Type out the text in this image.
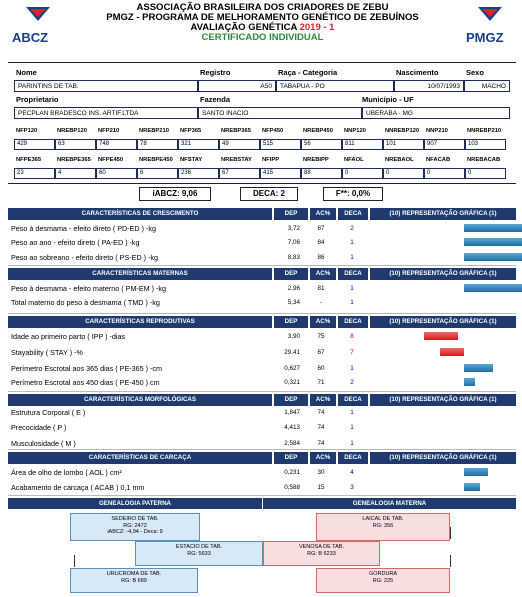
ABCZ
ASSOCIAÇÃO BRASILEIRA DOS CRIADORES DE ZEBU
PMGZ - PROGRAMA DE MELHORAMENTO GENÉTICO DE ZEBUÍNOS
AVALIAÇÃO GENÉTICA 2019 - 1
CERTIFICADO INDIVIDUAL	PMGZ
Nome	Registro	Raça - Categoria	Nascimento	Sexo
PARINTINS DE TAB.	A50	TABAPUA - PO	10/07/1993	MACHO
Proprietario	Fazenda	Município - UF
PECPLAN BRADESCO INS. ARTIF.LTDA	SANTO INACIO	UBERABA - MG
NFP120
429
NREBP120
63
NFP210
748
NREBP210
78
NFP365
321
NREBP365
49
NFP450
515
NREBP450
56
NNP120
811
NNREBP120
101
NNP210
907
NNREBP210
103
NFPE365
23
NREBPE365
4
NFPE450
60
NREBPE450
6
NFSTAY
236
NREBSTAY
67
NFIPP
415
NREBIPP
88
NFAOL
0
NREBAOL
0
NFACAB
0
NREBACAB
0
iABCZ: 9,06	DECA: 2	F**: 0,0%
CARACTERÍSTICAS DE CRESCIMENTO	DEP	AC%	DECA	(10) REPRESENTAÇÃO GRÁFICA (1)
Peso à desmama - efeito direto ( PD-ED ) -kg	3,72	87	2
Peso ao ano - efeito direto ( PA-ED ) -kg	7,06	84	1
Peso ao sobreano - efeito direto ( PS-ED ) -kg	8,83	86	1
CARACTERÍSTICAS MATERNAS	DEP	AC%	DECA	(10) REPRESENTAÇÃO GRÁFICA (1)
Peso à desmama - efeito materno ( PM-EM ) -kg	2,96	81	1
Total materno do peso à desmama ( TMD ) -kg	5,34	-	1
CARACTERÍSTICAS REPRODUTIVAS	DEP	AC%	DECA	(10) REPRESENTAÇÃO GRÁFICA (1)
Idade ao primeiro parto ( IPP ) -dias	3,90	75	8
Stayability ( STAY ) -%	29,41	67	7
Perímetro Escrotal aos 365 dias ( PE-365 ) -cm	0,627	60	1
Perímetro Escrotal aos 450 dias ( PE-450 ) cm	0,321	71	2
CARACTERÍSTICAS MORFOLÓGICAS	DEP	AC%	DECA	(10) REPRESENTAÇÃO GRÁFICA (1)
Estrutura Corporal ( E )	1,847	74	1
Precocidade ( P )	4,413	74	1
Musculosidade ( M )	2,584	74	1
CARACTERÍSTICAS DE CARCAÇA	DEP	AC%	DECA	(10) REPRESENTAÇÃO GRÁFICA (1)
Área de olho de lombo ( AOL ) cm²	0,231	30	4
Acabamento de carcaça ( ACAB ) 0,1 mm	0,588	15	3
GENEALOGIA PATERNA	GENEALOGIA MATERNA
SEDEIRO DE TAB.
RG: 2472
iABCZ: -4,94 - Deca: 9
ESTACIO DE TAB.
RG: 5633
URUCROMA DE TAB.
RG: B 689
LAICAL DE TAB.
RG: 356
VENOSA DE TAB.
RG: B 6233
GORDURA
RG: 225
